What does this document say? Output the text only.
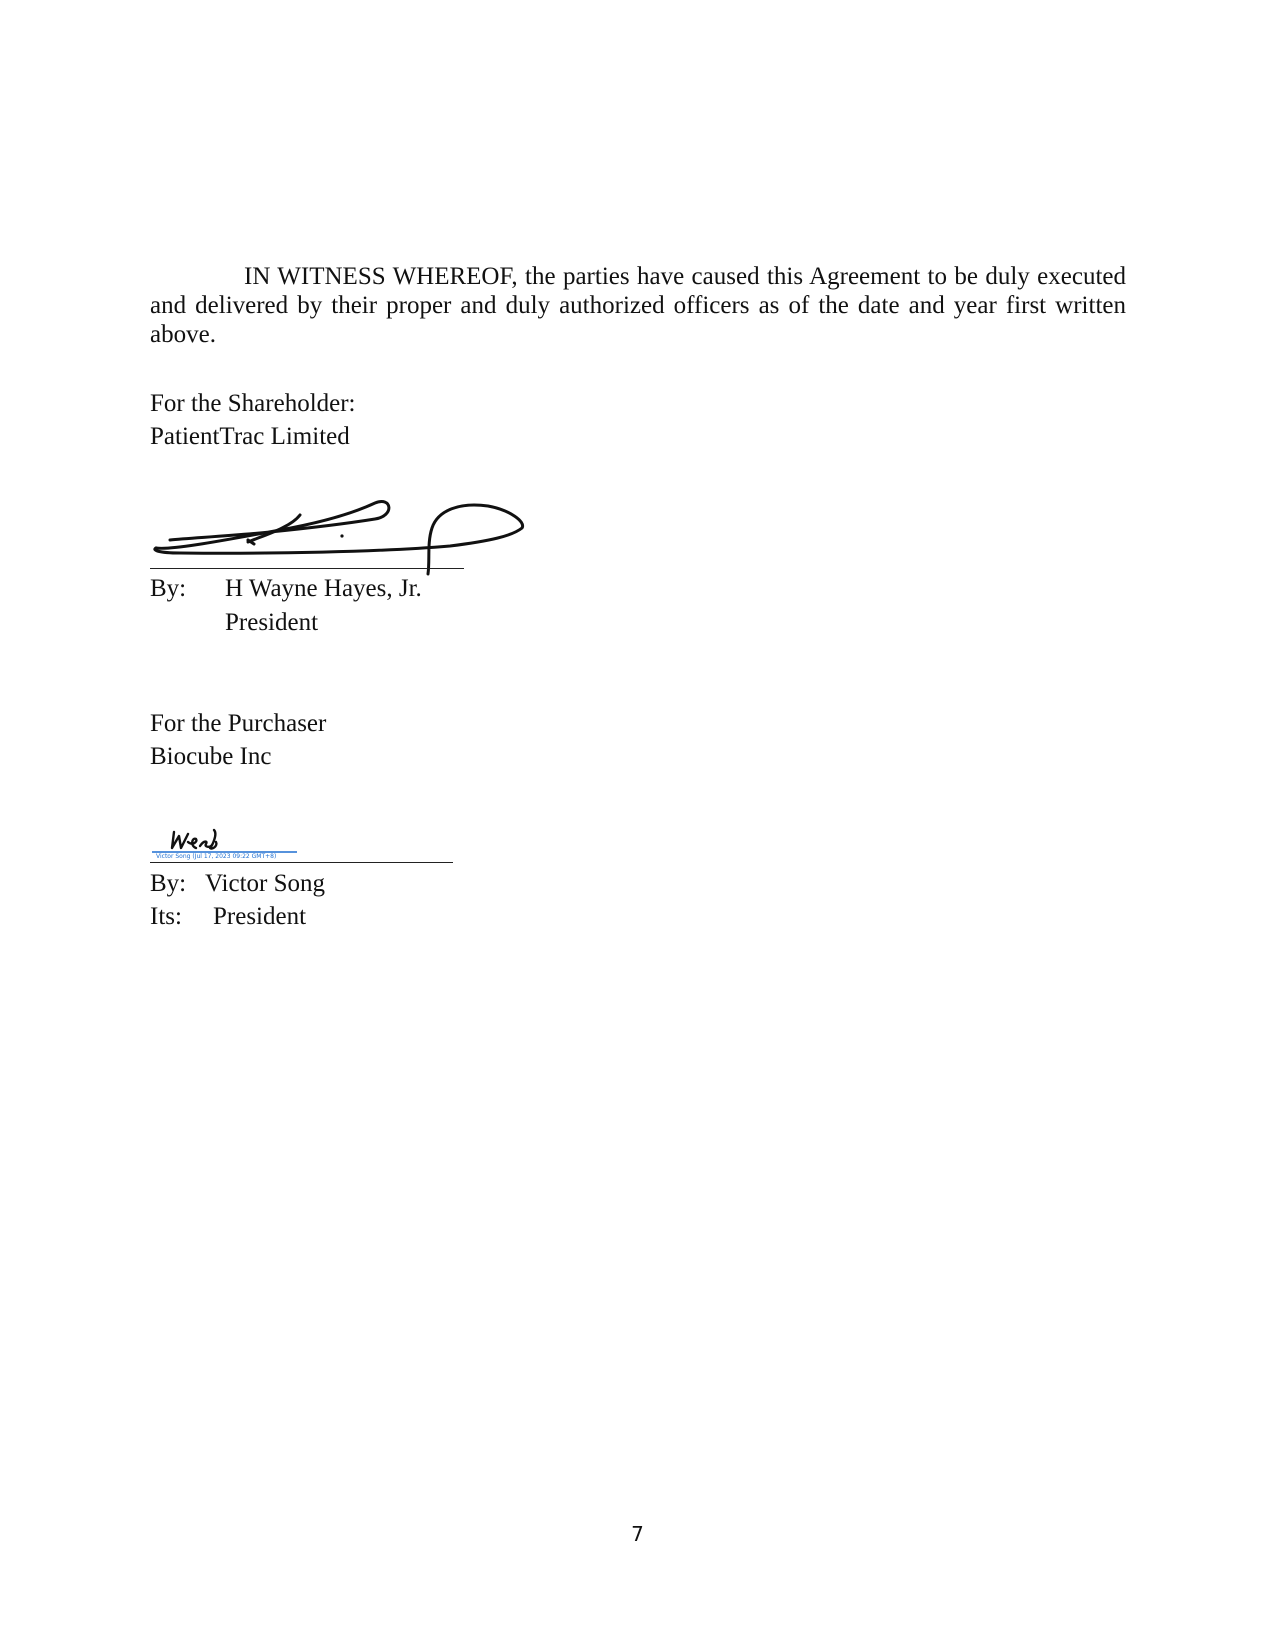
IN WITNESS WHEREOF, the parties have caused this Agreement to be duly executed and delivered by their proper and duly authorized officers as of the date and year first written above.

For the Shareholder:
PatientTrac Limited
By: H Wayne Hayes, Jr.
President
For the Purchaser
Biocube Inc
Victor Song (Jul 17, 2023 09:22 GMT+8)
By: Victor Song
Its: President
7
